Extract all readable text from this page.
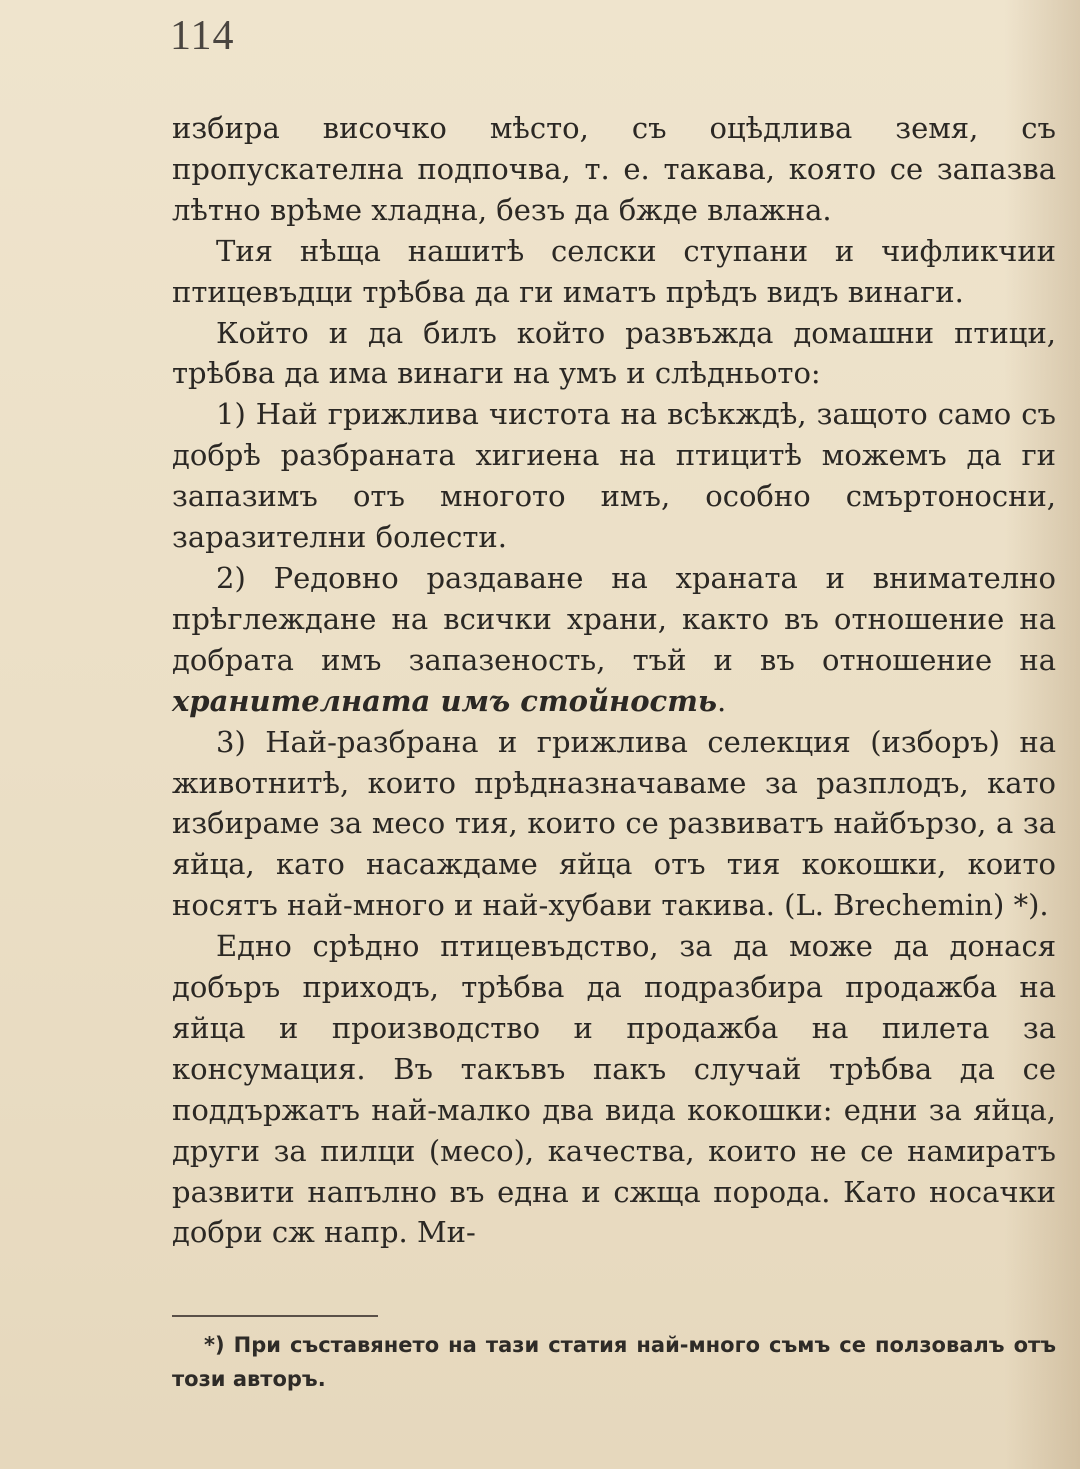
114

избира височко мѣсто, съ оцѣдлива земя, съ пропускателна подпочва, т. е. такава, която се запазва лѣтно врѣме хладна, безъ да бжде влажна.

Тия нѣща нашитѣ селски ступани и чифликчии птицевъдци трѣбва да ги иматъ прѣдъ видъ винаги.

Който и да билъ който развъжда домашни птици, трѣбва да има винаги на умъ и слѣдньото:

1) Най грижлива чистота на всѣкждѣ, защото само съ добрѣ разбраната хигиена на птицитѣ можемъ да ги запазимъ отъ многото имъ, особно смъртоносни, заразителни болести.

2) Редовно раздаване на храната и внимателно прѣглеждане на всички храни, както въ отношение на добрата имъ запазеность, тъй и въ отношение на хранителната имъ стойность.

3) Най-разбрана и грижлива селекция (изборъ) на животнитѣ, които прѣдназначаваме за разплодъ, като избираме за месо тия, които се развиватъ найбързо, а за яйца, като насаждаме яйца отъ тия кокошки, които носятъ най-много и най-хубави такива. (L. Brechemin) *).

Едно срѣдно птицевъдство, за да може да донася добъръ приходъ, трѣбва да подразбира продажба на яйца и производство и продажба на пилета за консумация. Въ такъвъ пакъ случай трѣбва да се поддържатъ най-малко два вида кокошки: едни за яйца, други за пилци (месо), качества, които не се намиратъ развити напълно въ една и сжща порода. Като носачки добри сж напр. Ми-

*) При съставянето на тази статия най-много съмъ се ползовалъ отъ този авторъ.
